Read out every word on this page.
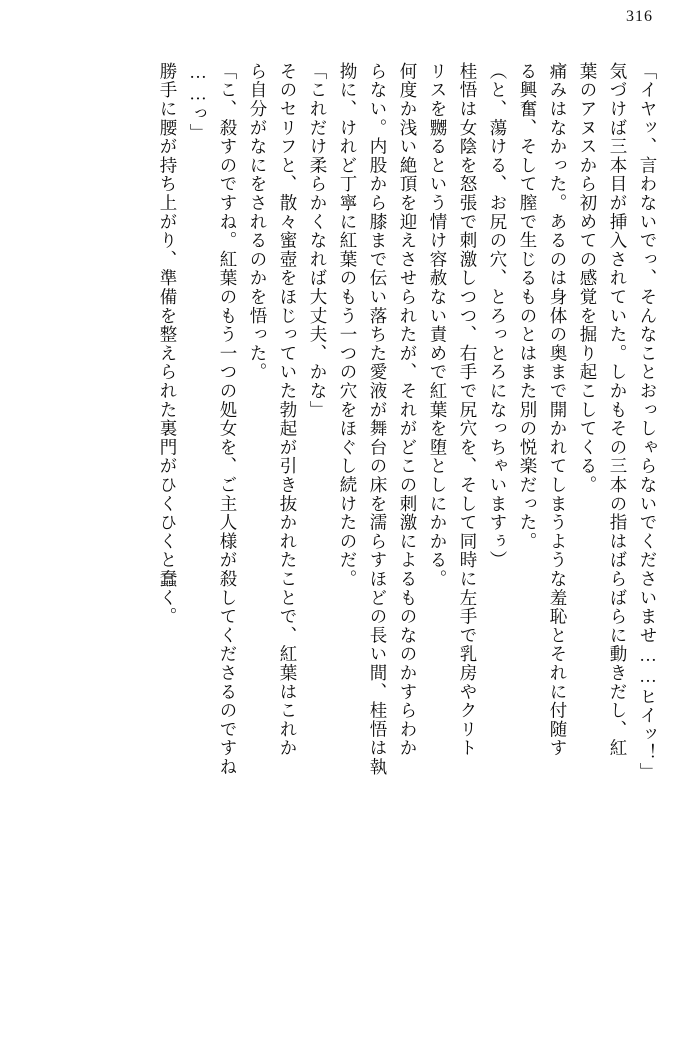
316
「イヤッ、言わないでっ、そんなことおっしゃらないでくださいませ……ヒイッ！」
気づけば三本目が挿入されていた。しかもその三本の指はばらばらに動きだし、紅
葉のアヌスから初めての感覚を掘り起こしてくる。
痛みはなかった。あるのは身体の奥まで開かれてしまうような羞恥とそれに付随す
る興奮、そして膣で生じるものとはまた別の悦楽だった。
（と、蕩ける、お尻の穴、とろっとろになっちゃいますぅ）
桂悟は女陰を怒張で刺激しつつ、右手で尻穴を、そして同時に左手で乳房やクリト
リスを嬲るという情け容赦ない責めで紅葉を堕としにかかる。
何度か浅い絶頂を迎えさせられたが、それがどこの刺激によるものなのかすらわか
らない。内股から膝まで伝い落ちた愛液が舞台の床を濡らすほどの長い間、桂悟は執
拗に、けれど丁寧に紅葉のもう一つの穴をほぐし続けたのだ。
「これだけ柔らかくなれば大丈夫、かな」
そのセリフと、散々蜜壺をほじっていた勃起が引き抜かれたことで、紅葉はこれか
ら自分がなにをされるのかを悟った。
「こ、殺すのですね。紅葉のもう一つの処女を、ご主人様が殺してくださるのですね
……っ」
勝手に腰が持ち上がり、準備を整えられた裏門がひくひくと蠢く。
